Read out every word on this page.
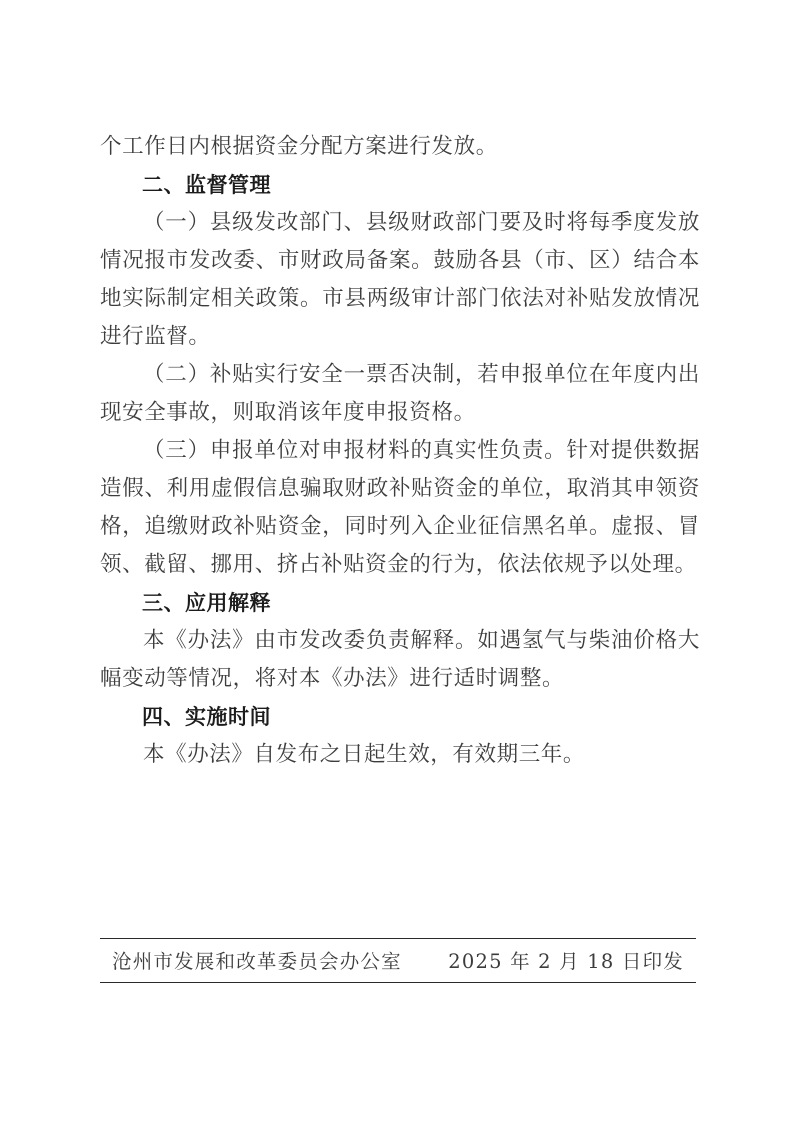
个工作日内根据资金分配方案进行发放。

二、监督管理

（一）县级发改部门、县级财政部门要及时将每季度发放情况报市发改委、市财政局备案。鼓励各县（市、区）结合本地实际制定相关政策。市县两级审计部门依法对补贴发放情况进行监督。

（二）补贴实行安全一票否决制，若申报单位在年度内出现安全事故，则取消该年度申报资格。

（三）申报单位对申报材料的真实性负责。针对提供数据造假、利用虚假信息骗取财政补贴资金的单位，取消其申领资格，追缴财政补贴资金，同时列入企业征信黑名单。虚报、冒领、截留、挪用、挤占补贴资金的行为，依法依规予以处理。

三、应用解释

本《办法》由市发改委负责解释。如遇氢气与柴油价格大幅变动等情况，将对本《办法》进行适时调整。

四、实施时间

本《办法》自发布之日起生效，有效期三年。

沧州市发展和改革委员会办公室 2025 年 2 月 18 日印发
